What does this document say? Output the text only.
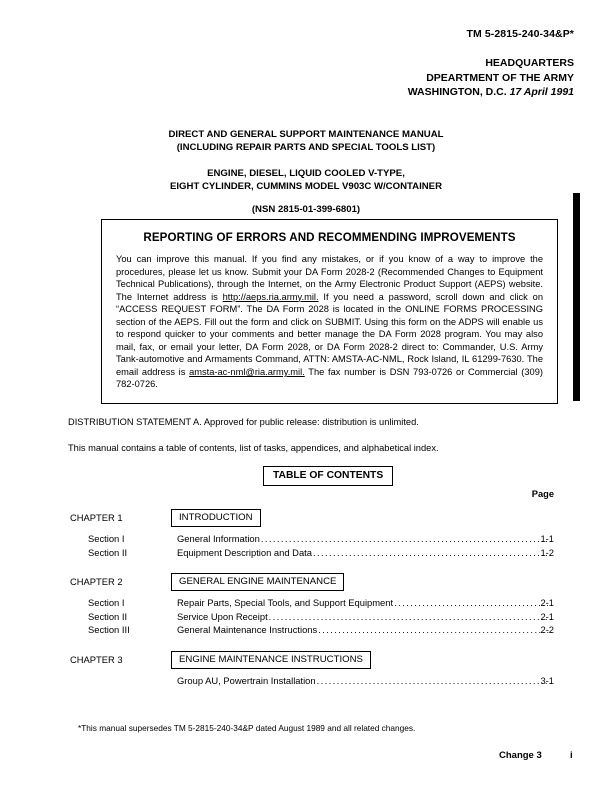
TM 5-2815-240-34&P*
HEADQUARTERS
DPEARTMENT OF THE ARMY
WASHINGTON, D.C. 17 April 1991
DIRECT AND GENERAL SUPPORT MAINTENANCE MANUAL
(INCLUDING REPAIR PARTS AND SPECIAL TOOLS LIST)
ENGINE, DIESEL, LIQUID COOLED V-TYPE,
EIGHT CYLINDER, CUMMINS MODEL V903C W/CONTAINER
(NSN 2815-01-399-6801)
REPORTING OF ERRORS AND RECOMMENDING IMPROVEMENTS
You can improve this manual. If you find any mistakes, or if you know of a way to improve the procedures, please let us know. Submit your DA Form 2028-2 (Recommended Changes to Equipment Technical Publications), through the Internet, on the Army Electronic Product Support (AEPS) website. The Internet address is http://aeps.ria.army.mil. If you need a password, scroll down and click on “ACCESS REQUEST FORM”. The DA Form 2028 is located in the ONLINE FORMS PROCESSING section of the AEPS. Fill out the form and click on SUBMIT. Using this form on the ADPS will enable us to respond quicker to your comments and better manage the DA Form 2028 program. You may also mail, fax, or email your letter, DA Form 2028, or DA Form 2028-2 direct to: Commander, U.S. Army Tank-automotive and Armaments Command, ATTN: AMSTA-AC-NML, Rock Island, IL 61299-7630. The email address is amsta-ac-nml@ria.army.mil. The fax number is DSN 793-0726 or Commercial (309) 782-0726.
DISTRIBUTION STATEMENT A. Approved for public release: distribution is unlimited.
This manual contains a table of contents, list of tasks, appendices, and alphabetical index.
TABLE OF CONTENTS
Page
CHAPTER 1	INTRODUCTION
Section I	General Information .....	1-1
Section II	Equipment Description and Data .....	1-2
CHAPTER 2	GENERAL ENGINE MAINTENANCE
Section I	Repair Parts, Special Tools, and Support Equipment .....	2-1
Section II	Service Upon Receipt .....	2-1
Section III	General Maintenance Instructions .....	2-2
CHAPTER 3	ENGINE MAINTENANCE INSTRUCTIONS
Group AU, Powertrain Installation .....	3-1
*This manual supersedes TM 5-2815-240-34&P dated August 1989 and all related changes.
Change 3	i
